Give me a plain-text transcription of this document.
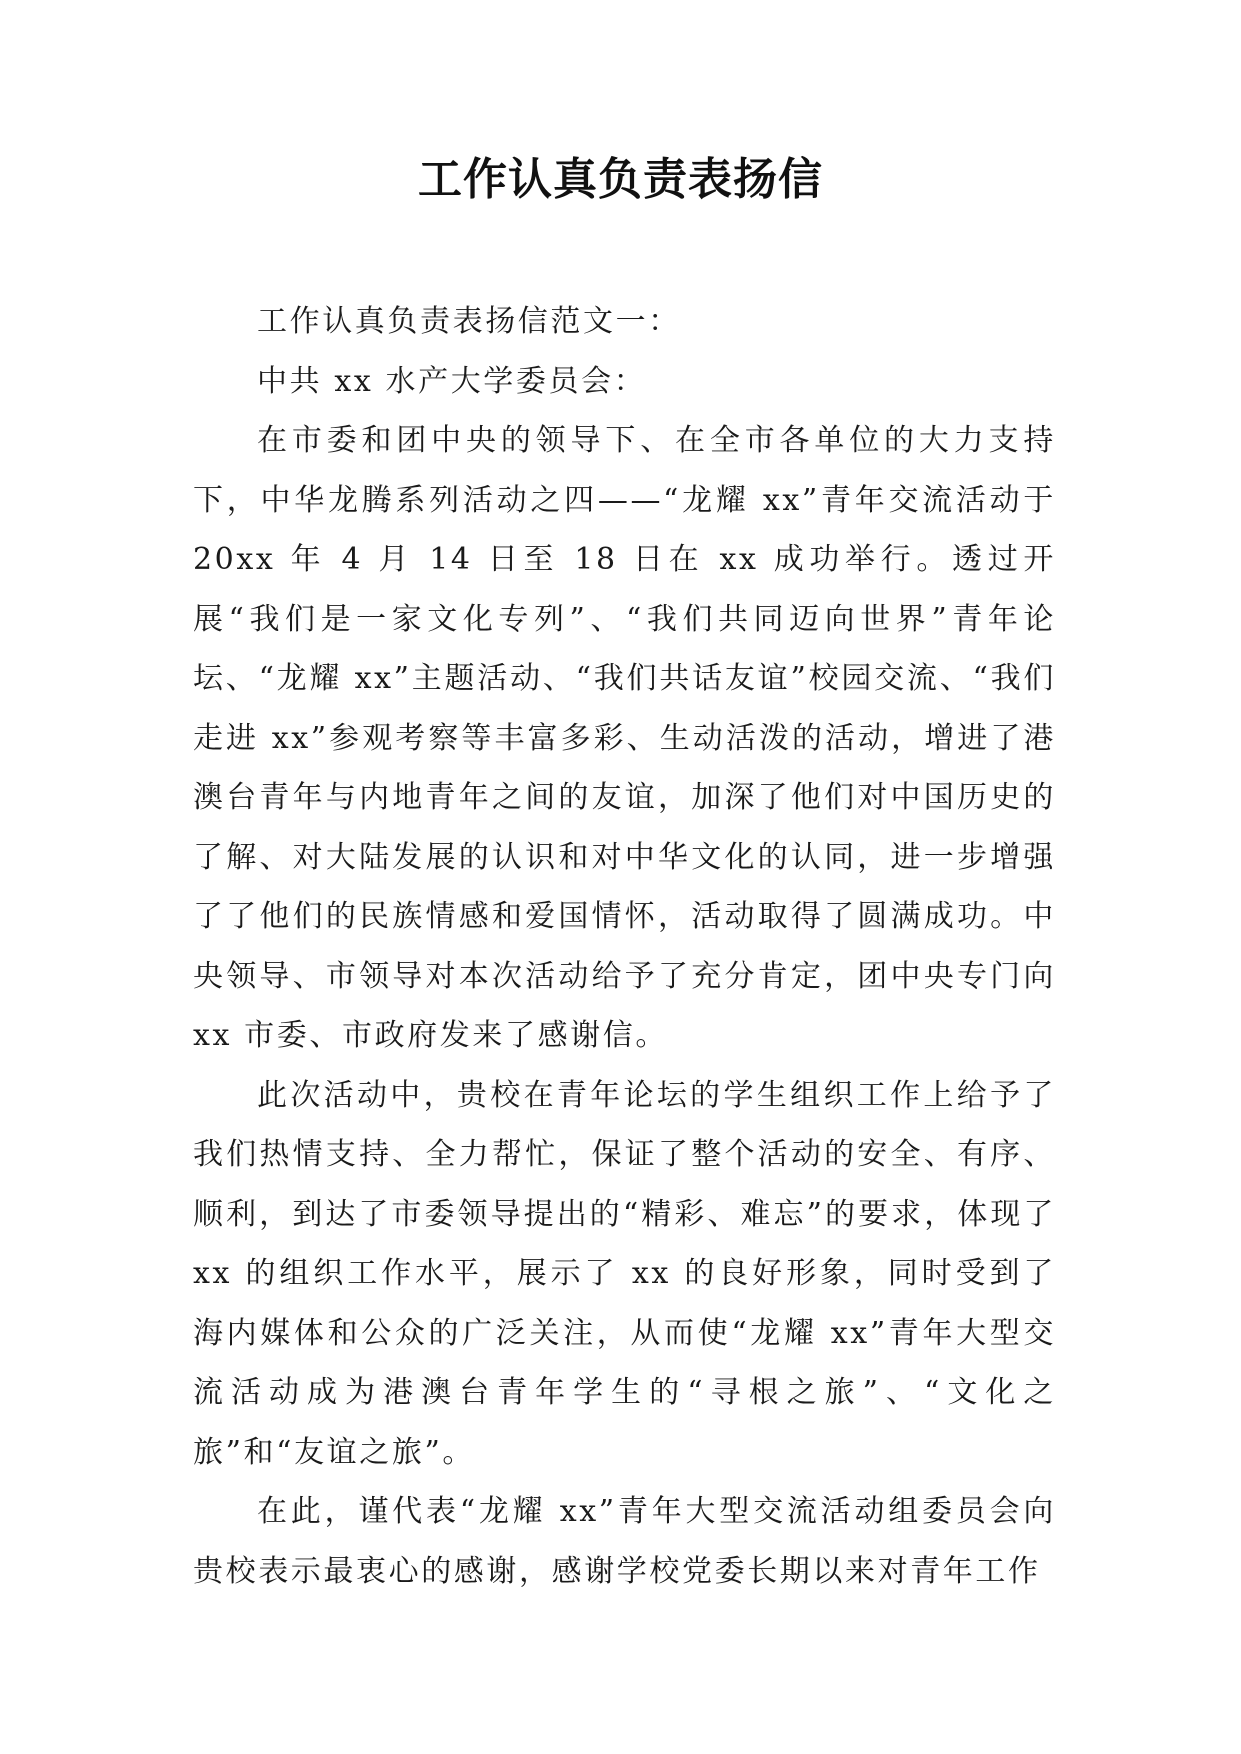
工作认真负责表扬信

工作认真负责表扬信范文一：

中共 xx 水产大学委员会：

在市委和团中央的领导下、在全市各单位的大力支持下，中华龙腾系列活动之四——“龙耀 xx”青年交流活动于 20xx 年 4 月 14 日至 18 日在 xx 成功举行。透过开展“我们是一家文化专列”、“我们共同迈向世界”青年论坛、“龙耀 xx”主题活动、“我们共话友谊”校园交流、“我们走进 xx”参观考察等丰富多彩、生动活泼的活动，增进了港澳台青年与内地青年之间的友谊，加深了他们对中国历史的了解、对大陆发展的认识和对中华文化的认同，进一步增强了了他们的民族情感和爱国情怀，活动取得了圆满成功。中央领导、市领导对本次活动给予了充分肯定，团中央专门向 xx 市委、市政府发来了感谢信。

此次活动中，贵校在青年论坛的学生组织工作上给予了我们热情支持、全力帮忙，保证了整个活动的安全、有序、顺利，到达了市委领导提出的“精彩、难忘”的要求，体现了 xx 的组织工作水平，展示了 xx 的良好形象，同时受到了海内媒体和公众的广泛关注，从而使“龙耀 xx”青年大型交流活动成为港澳台青年学生的“寻根之旅”、“文化之旅”和“友谊之旅”。

在此，谨代表“龙耀 xx”青年大型交流活动组委员会向贵校表示最衷心的感谢，感谢学校党委长期以来对青年工作
